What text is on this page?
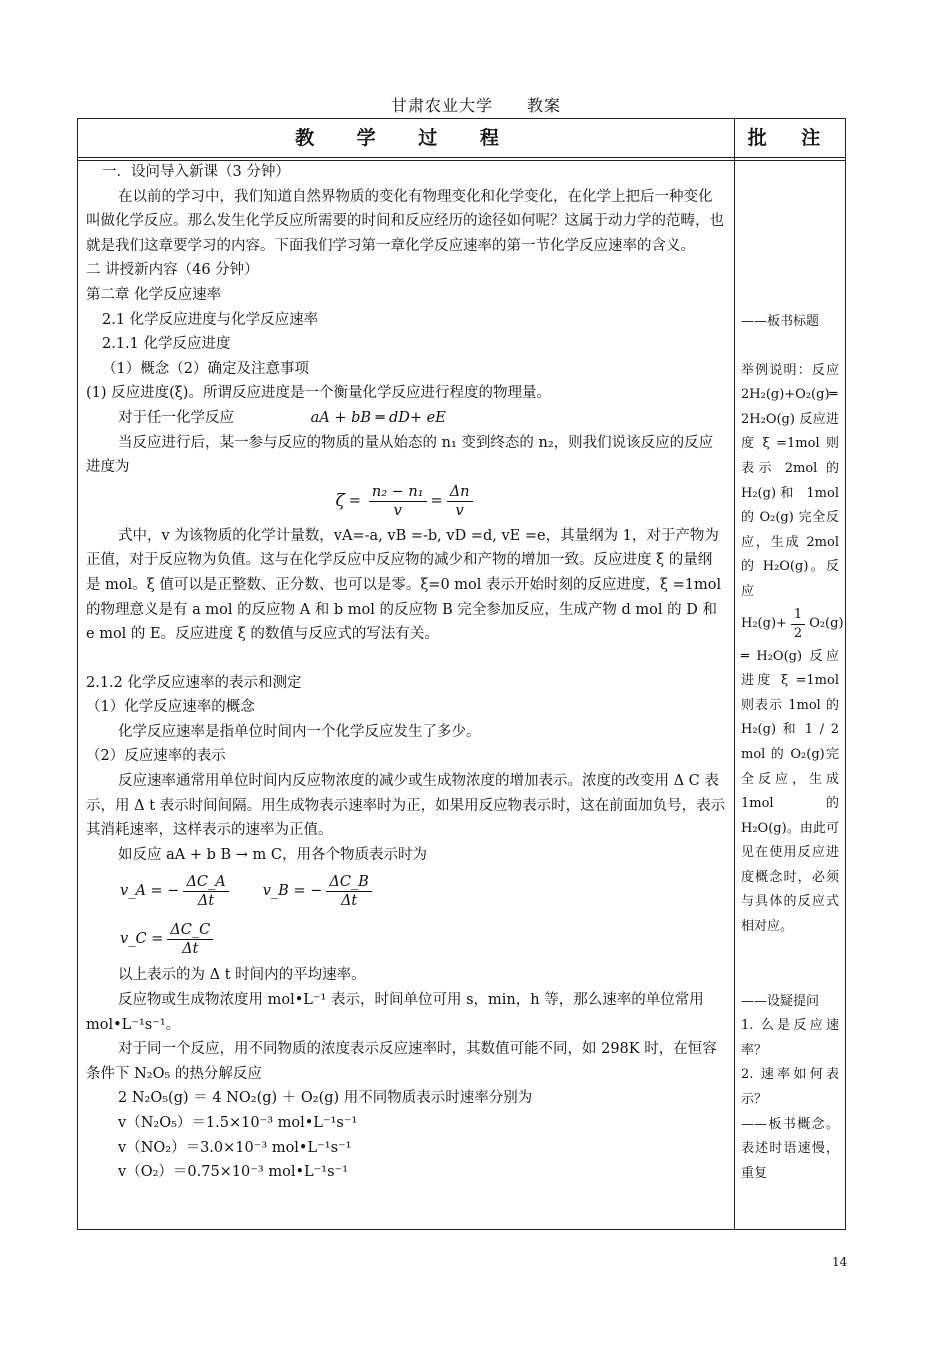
甘肃农业大学 教案
教 学 过 程	批 注

一．设问导入新课（3 分钟）

在以前的学习中，我们知道自然界物质的变化有物理变化和化学变化，在化学上把后一种变化叫做化学反应。那么发生化学反应所需要的时间和反应经历的途径如何呢？这属于动力学的范畴，也就是我们这章要学习的内容。下面我们学习第一章化学反应速率的第一节化学反应速率的含义。

二 讲授新内容（46 分钟）

第二章 化学反应速率

2.1 化学反应进度与化学反应速率

2.1.1 化学反应进度

（1）概念（2）确定及注意事项

(1) 反应进度(ξ)。所谓反应进度是一个衡量化学反应进行程度的物理量。

对于任一化学反应	aA + bB ═ dD+ eE

当反应进行后，某一参与反应的物质的量从始态的 n₁ 变到终态的 n₂，则我们说该反应的反应进度为

$\zeta = \frac{\text{n₂ − n₁}}{v} = \frac{\Delta n}{v}$

式中，v 为该物质的化学计量数，vA=-a, vB =-b, vD =d, vE =e，其量纲为 1，对于产物为正值，对于反应物为负值。这与在化学反应中反应物的减少和产物的增加一致。反应进度 ξ 的量纲是 mol。ξ 值可以是正整数、正分数、也可以是零。ξ=0 mol 表示开始时刻的反应进度，ξ =1mol 的物理意义是有 a mol 的反应物 A 和 b mol 的反应物 B 完全参加反应，生成产物 d mol 的 D 和 e mol 的 E。反应进度 ξ 的数值与反应式的写法有关。

2.1.2 化学反应速率的表示和测定

（1）化学反应速率的概念

化学反应速率是指单位时间内一个化学反应发生了多少。

（2）反应速率的表示

反应速率通常用单位时间内反应物浓度的减少或生成物浓度的增加表示。浓度的改变用 Δ C 表示，用 Δ t 表示时间间隔。用生成物表示速率时为正，如果用反应物表示时，这在前面加负号，表示其消耗速率，这样表示的速率为正值。

如反应 aA + b B → m C，用各个物质表示时为

v_A = − $\frac{\Delta C\_A}{\Delta t}$ v_B = − $\frac{\Delta C\_B}{\Delta t}$

v_C = $\frac{\Delta C\_C}{\Delta t}$

以上表示的为 Δ t 时间内的平均速率。

反应物或生成物浓度用 mol•L⁻¹ 表示，时间单位可用 s，min，h 等，那么速率的单位常用 mol•L⁻¹s⁻¹。

对于同一个反应，用不同物质的浓度表示反应速率时，其数值可能不同，如 298K 时，在恒容条件下 N₂O₅ 的热分解反应

2 N₂O₅(g) ＝ 4 NO₂(g) ＋ O₂(g) 用不同物质表示时速率分别为

v（N₂O₅）＝1.5×10⁻³ mol•L⁻¹s⁻¹

v（NO₂）＝3.0×10⁻³ mol•L⁻¹s⁻¹

v（O₂）＝0.75×10⁻³ mol•L⁻¹s⁻¹

——板书标题

举例说明：反应 2H₂(g)+O₂(g)═ 2H₂O(g) 反应进度 ξ =1mol 则表示 2mol 的 H₂(g)和 1mol 的 O₂(g) 完全反应，生成 2mol 的 H₂O(g)。反应

$H_2(g)+ \frac{1}{2} O_2(g)$

═ H₂O(g) 反应进度 ξ =1mol 则表示 1mol 的 H₂(g) 和 1 / 2 mol 的 O₂(g)完全反应，生成 1mol 的 H₂O(g)。由此可见在使用反应进度概念时，必须与具体的反应式相对应。

——设疑提问

1. 么是反应速率？

2. 速率如何表示？

——板书概念。表述时语速慢，重复

14
